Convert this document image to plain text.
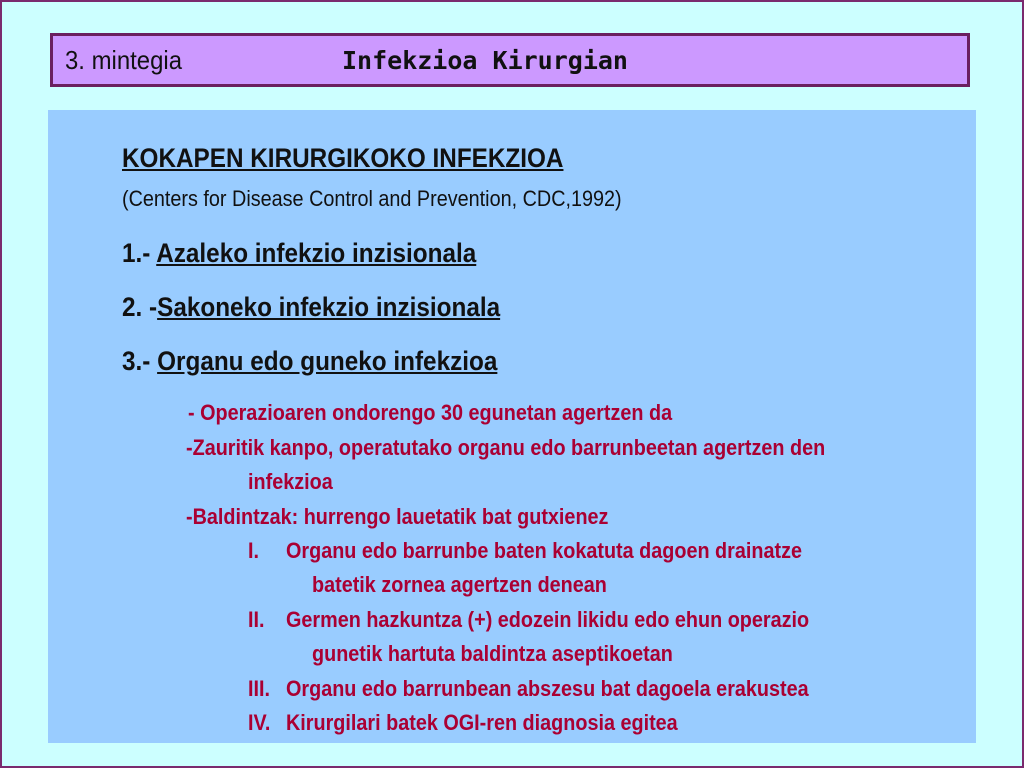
3. mintegia	Infekzioa Kirurgian
KOKAPEN KIRURGIKOKO INFEKZIOA
(Centers for Disease Control and Prevention, CDC,1992)
1.- Azaleko infekzio inzisionala
2. -Sakoneko infekzio inzisionala
3.- Organu edo guneko infekzioa
- Operazioaren ondorengo 30 egunetan agertzen da
-Zauritik kanpo, operatutako organu edo barrunbeetan agertzen den
infekzioa
-Baldintzak: hurrengo lauetatik bat gutxienez
I. Organu edo barrunbe baten kokatuta dagoen drainatze
batetik zornea agertzen denean
II. Germen hazkuntza (+) edozein likidu edo ehun operazio
gunetik hartuta baldintza aseptikoetan
III. Organu edo barrunbean abszesu bat dagoela erakustea
IV. Kirurgilari batek OGI-ren diagnosia egitea
